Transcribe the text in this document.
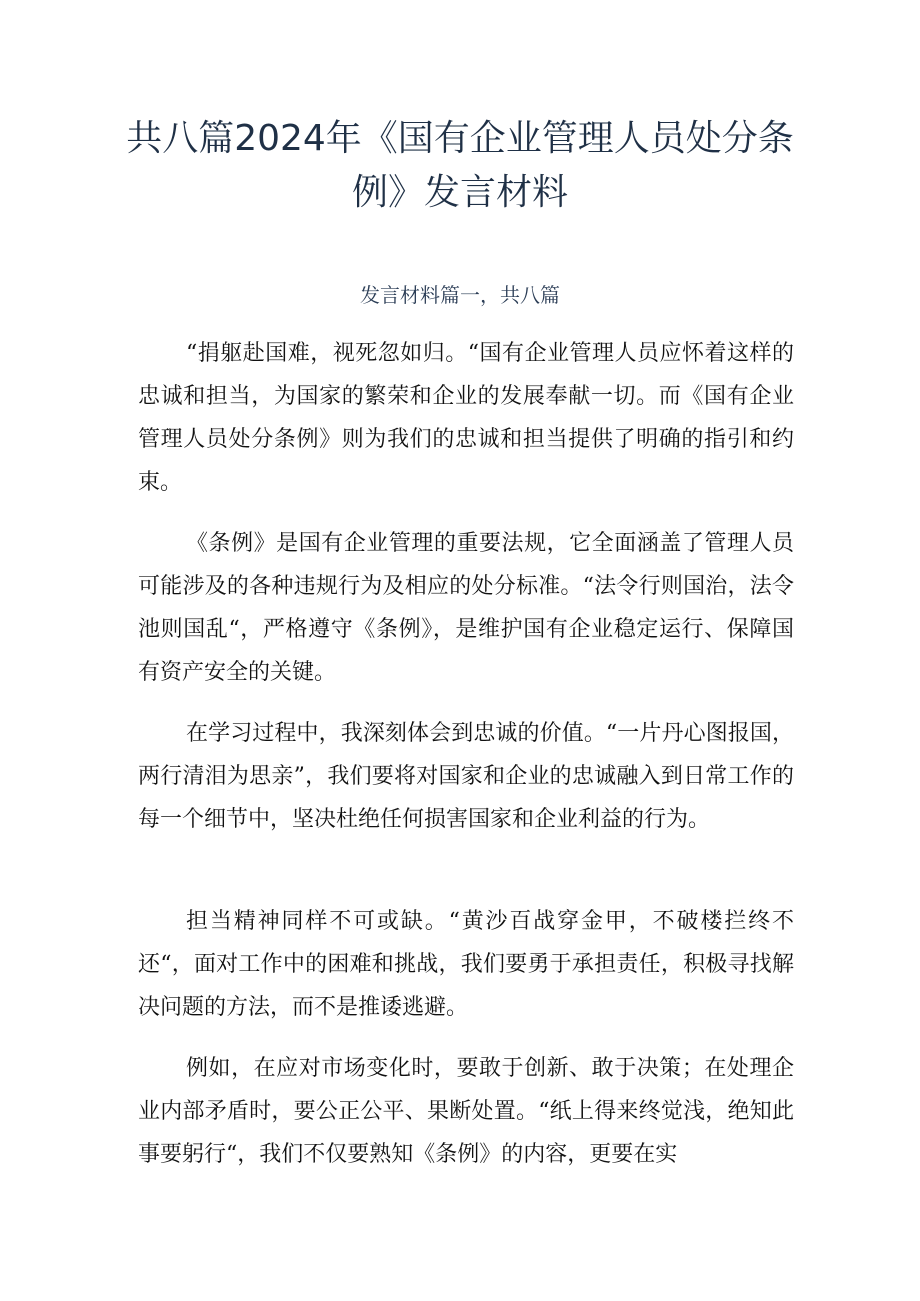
共八篇2024年《国有企业管理人员处分条例》发言材料
发言材料篇一，共八篇

“捐躯赴国难，视死忽如归。“国有企业管理人员应怀着这样的忠诚和担当，为国家的繁荣和企业的发展奉献一切。而《国有企业管理人员处分条例》则为我们的忠诚和担当提供了明确的指引和约束。

《条例》是国有企业管理的重要法规，它全面涵盖了管理人员可能涉及的各种违规行为及相应的处分标准。“法令行则国治，法令池则国乱“，严格遵守《条例》，是维护国有企业稳定运行、保障国有资产安全的关键。

在学习过程中，我深刻体会到忠诚的价值。“一片丹心图报国，两行清泪为思亲”，我们要将对国家和企业的忠诚融入到日常工作的每一个细节中，坚决杜绝任何损害国家和企业利益的行为。

担当精神同样不可或缺。“黄沙百战穿金甲，不破楼拦终不还“，面对工作中的困难和挑战，我们要勇于承担责任，积极寻找解决问题的方法，而不是推诿逃避。

例如，在应对市场变化时，要敢于创新、敢于决策；在处理企业内部矛盾时，要公正公平、果断处置。“纸上得来终觉浅，绝知此事要躬行“，我们不仅要熟知《条例》的内容，更要在实
